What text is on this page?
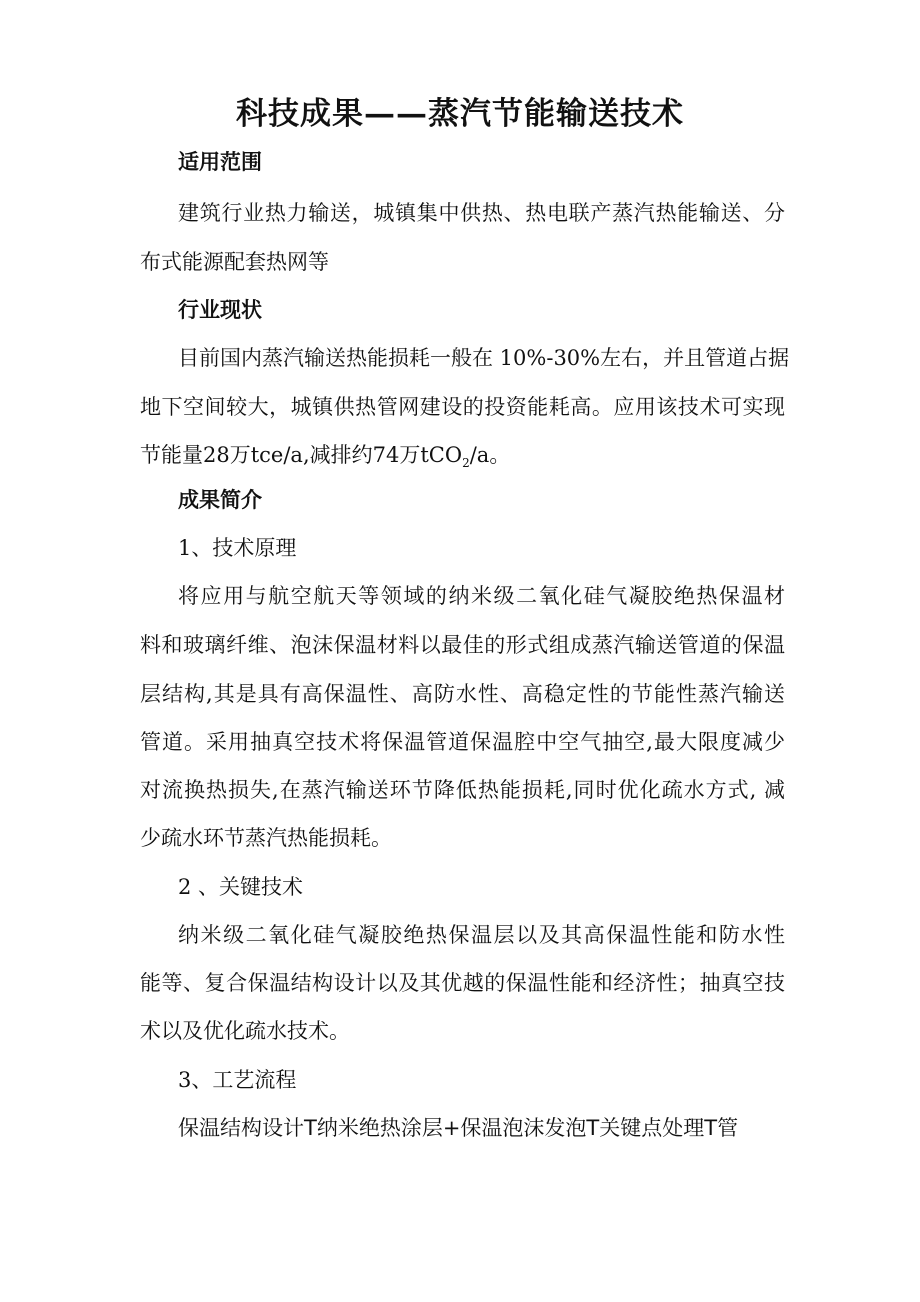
科技成果——蒸汽节能输送技术
适用范围
建筑行业热力输送，城镇集中供热、热电联产蒸汽热能输送、分
布式能源配套热网等
行业现状
目前国内蒸汽输送热能损耗一般在 10%-30%左右，并且管道占据
地下空间较大，城镇供热管网建设的投资能耗高。应用该技术可实现
节能量28万tce/a,减排约74万tCO$_2$/a。
成果简介
1、技术原理
将应用与航空航天等领域的纳米级二氧化硅气凝胶绝热保温材
料和玻璃纤维、泡沫保温材料以最佳的形式组成蒸汽输送管道的保温
层结构,其是具有高保温性、高防水性、高稳定性的节能性蒸汽输送
管道。采用抽真空技术将保温管道保温腔中空气抽空,最大限度减少
对流换热损失,在蒸汽输送环节降低热能损耗,同时优化疏水方式, 减
少疏水环节蒸汽热能损耗。
2 、关键技术
纳米级二氧化硅气凝胶绝热保温层以及其高保温性能和防水性
能等、复合保温结构设计以及其优越的保温性能和经济性；抽真空技
术以及优化疏水技术。
3、工艺流程
保温结构设计T纳米绝热涂层+保温泡沫发泡T关键点处理T管
